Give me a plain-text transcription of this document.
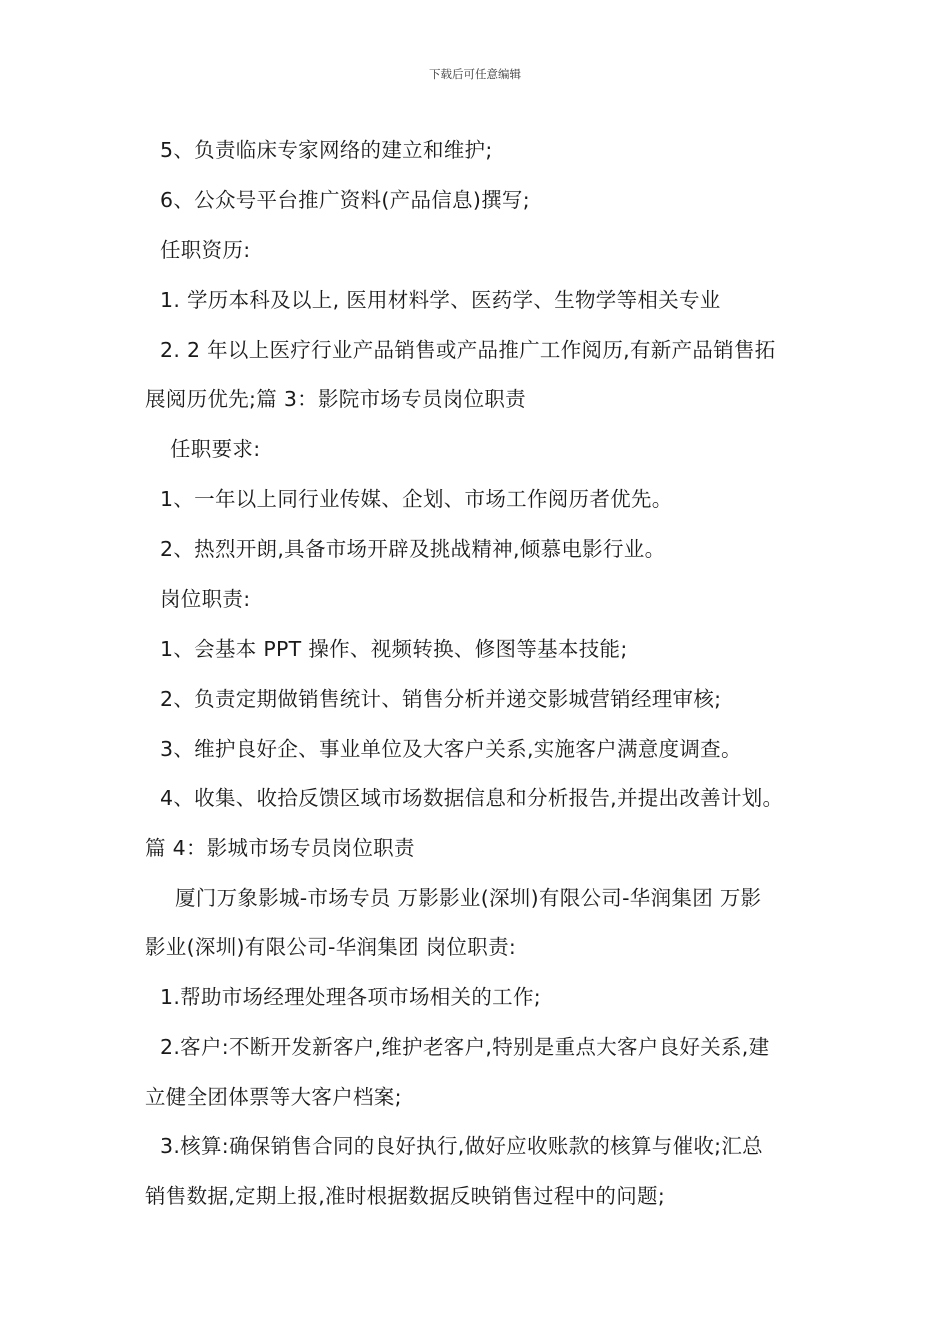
下载后可任意编辑
5、负责临床专家网络的建立和维护;
6、公众号平台推广资料(产品信息)撰写;
任职资历:
1. 学历本科及以上, 医用材料学、医药学、生物学等相关专业
2. 2 年以上医疗行业产品销售或产品推广工作阅历,有新产品销售拓
展阅历优先;篇 3：影院市场专员岗位职责
任职要求:
1、一年以上同行业传媒、企划、市场工作阅历者优先。
2、热烈开朗,具备市场开辟及挑战精神,倾慕电影行业。
岗位职责:
1、会基本 PPT 操作、视频转换、修图等基本技能;
2、负责定期做销售统计、销售分析并递交影城营销经理审核;
3、维护良好企、事业单位及大客户关系,实施客户满意度调查。
4、收集、收拾反馈区域市场数据信息和分析报告,并提出改善计划。
篇 4：影城市场专员岗位职责
厦门万象影城-市场专员 万影影业(深圳)有限公司-华润集团 万影
影业(深圳)有限公司-华润集团 岗位职责:
1.帮助市场经理处理各项市场相关的工作;
2.客户:不断开发新客户,维护老客户,特别是重点大客户良好关系,建
立健全团体票等大客户档案;
3.核算:确保销售合同的良好执行,做好应收账款的核算与催收;汇总
销售数据,定期上报,准时根据数据反映销售过程中的问题;
